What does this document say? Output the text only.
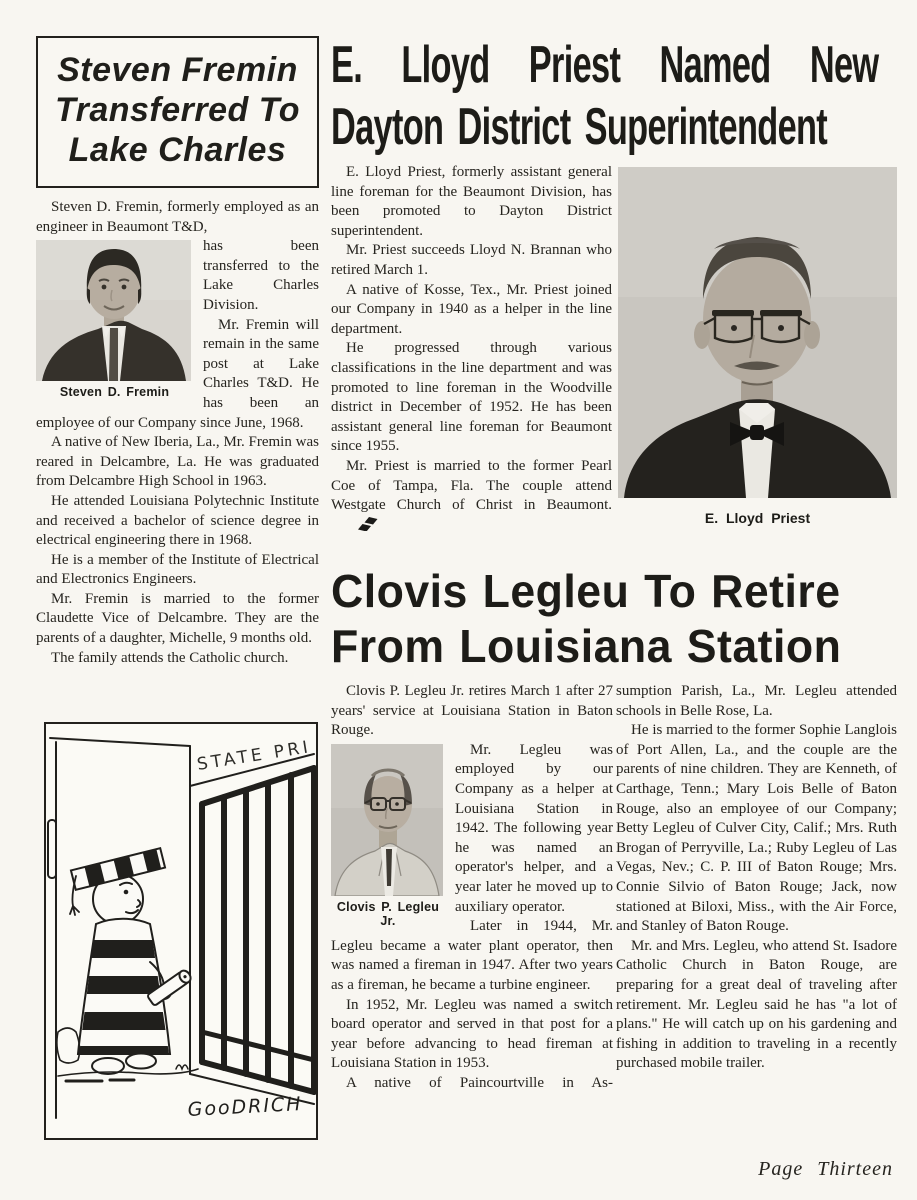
Steven Fremin
Transferred To
Lake Charles

Steven D. Fremin, formerly employed as an engineer in Beaumont T&D,

Steven D. Fremin

has been transferred to the Lake Charles Division.

Mr. Fremin will remain in the same post at Lake Charles T&D. He has been an employee of our Company since June, 1968.

A native of New Iberia, La., Mr. Fremin was reared in Delcambre, La. He was graduated from Delcambre High School in 1963.

He attended Louisiana Polytechnic Institute and received a bachelor of science degree in electrical engineering there in 1968.

He is a member of the Institute of Electrical and Electronics Engineers.

Mr. Fremin is married to the former Claudette Vice of Delcambre. They are the parents of a daughter, Michelle, 9 months old.

The family attends the Catholic church.

STATE PRI
GooDRICH
E. Lloyd Priest Named New
Dayton District Superintendent

E. Lloyd Priest, formerly assistant general line foreman for the Beaumont Division, has been promoted to Dayton District superintendent.

Mr. Priest succeeds Lloyd N. Brannan who retired March 1.

A native of Kosse, Tex., Mr. Priest joined our Company in 1940 as a helper in the line department.

He progressed through various classifications in the line department and was promoted to line foreman in the Woodville district in December of 1952. He has been assistant general line foreman for Beaumont since 1955.

Mr. Priest is married to the former Pearl Coe of Tampa, Fla. The couple attend Westgate Church of Christ in Beaumont.

E. Lloyd Priest
Clovis Legleu To Retire
From Louisiana Station

Clovis P. Legleu Jr. retires March 1 after 27 years' service at Louisiana Station in Baton Rouge.

Clovis P. Legleu Jr.

Mr. Legleu was employed by our Company as a helper at Louisiana Station in 1942. The following year he was named an operator's helper, and a year later he moved up to auxiliary operator.

Later in 1944, Mr. Legleu became a water plant operator, then was named a fireman in 1947. After two years as a fireman, he became a turbine engineer.

In 1952, Mr. Legleu was named a switch board operator and served in that post for a year before advancing to head fireman at Louisiana Station in 1953.

A native of Paincourtville in As-

sumption Parish, La., Mr. Legleu attended schools in Belle Rose, La.

He is married to the former Sophie Langlois of Port Allen, La., and the couple are the parents of nine children. They are Kenneth, of Carthage, Tenn.; Mary Lois Belle of Baton Rouge, also an employee of our Company; Betty Legleu of Culver City, Calif.; Mrs. Ruth Brogan of Perryville, La.; Ruby Legleu of Las Vegas, Nev.; C. P. III of Baton Rouge; Mrs. Connie Silvio of Baton Rouge; Jack, now stationed at Biloxi, Miss., with the Air Force, and Stanley of Baton Rouge.

Mr. and Mrs. Legleu, who attend St. Isadore Catholic Church in Baton Rouge, are preparing for a great deal of traveling after retirement. Mr. Legleu said he has "a lot of plans." He will catch up on his gardening and fishing in addition to traveling in a recently purchased mobile trailer.

Page Thirteen
